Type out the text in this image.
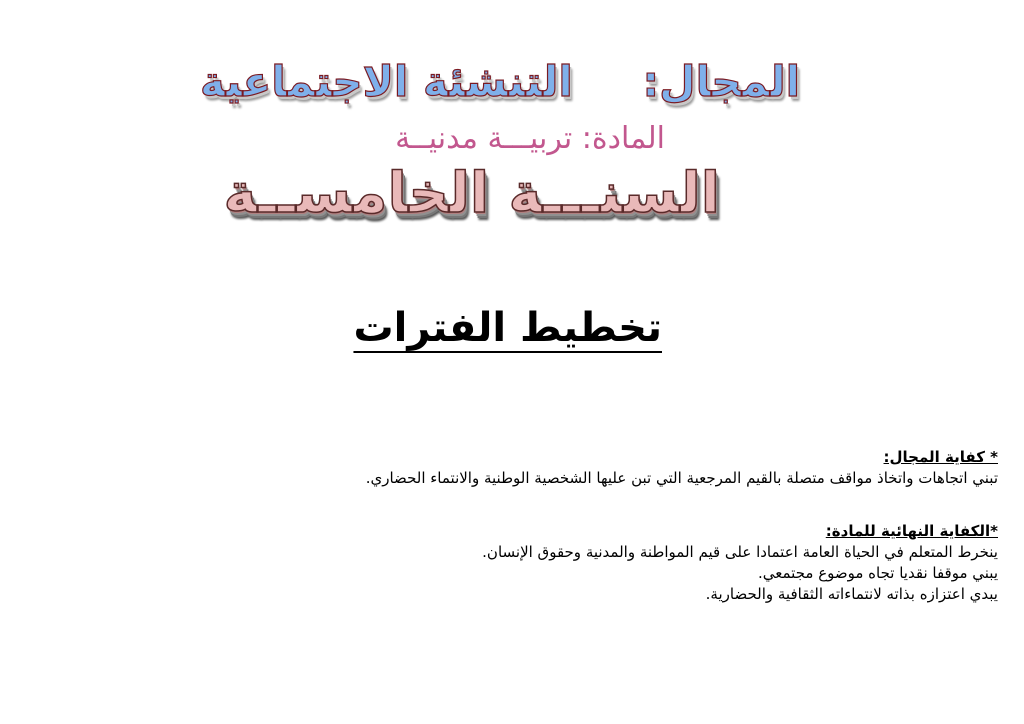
المجال:
التنشئة الاجتماعية
المادة: تربيـــة مدنيــة
السنـــة الخامســة
تخطيط الفترات
* كفاية المجال:
تبني اتجاهات واتخاذ مواقف متصلة بالقيم المرجعية التي تبن عليها الشخصية الوطنية والانتماء الحضاري.
*الكفاية النهائية للمادة:
ينخرط المتعلم في الحياة العامة اعتمادا على قيم المواطنة والمدنية وحقوق الإنسان.
يبني موقفا نقديا تجاه موضوع مجتمعي.
يبدي اعتزازه بذاته لانتماءاته الثقافية والحضارية.
